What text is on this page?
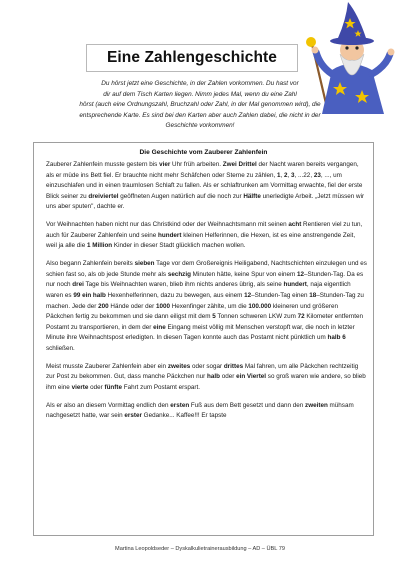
Eine Zahlengeschichte
Du hörst jetzt eine Geschichte, in der Zahlen vorkommen. Du hast vor
dir auf dem Tisch Karten liegen. Nimm jedes Mal, wenn du eine Zahl
hörst (auch eine Ordnungszahl, Bruchzahl oder Zahl, in der Mal genommen wird), die
entsprechende Karte. Es sind bei den Karten aber auch Zahlen dabei, die nicht in der
Geschichte vorkommen!
Die Geschichte vom Zauberer Zahlenfein

Zauberer Zahlenfein musste gestern bis vier Uhr früh arbeiten. Zwei Drittel der Nacht waren bereits vergangen, als er müde ins Bett fiel. Er brauchte nicht mehr Schäfchen oder Sterne zu zählen, 1, 2, 3, ...22, 23, ..., um einzuschlafen und in einen traumlosen Schlaft zu fallen. Als er schlaftrunken am Vormittag erwachte, fiel der erste Blick seiner zu dreiviertel geöffneten Augen natürlich auf die noch zur Hälfte unerledigte Arbeit. „Jetzt müssen wir uns aber sputen", dachte er.

Vor Weihnachten haben nicht nur das Christkind oder der Weihnachtsmann mit seinen acht Rentieren viel zu tun, auch für Zauberer Zahlenfein und seine hundert kleinen Helferinnen, die Hexen, ist es eine anstrengende Zeit, weil ja alle die 1 Million Kinder in dieser Stadt glücklich machen wollen.

Also begann Zahlenfein bereits sieben Tage vor dem Großereignis Heiligabend, Nachtschichten einzulegen und es schien fast so, als ob jede Stunde mehr als sechzig Minuten hätte, keine Spur von einem 12–Stunden-Tag. Da es nur noch drei Tage bis Weihnachten waren, blieb ihm nichts anderes übrig, als seine hundert, naja eigentlich waren es 99 ein halb Hexenhelferinnen, dazu zu bewegen, aus einem 12–Stunden-Tag einen 18–Stunden-Tag zu machen. Jede der 200 Hände oder der 1000 Hexenfinger zählte, um die 100.000 kleineren und größeren Päckchen fertig zu bekommen und sie dann eiligst mit dem 5 Tonnen schweren LKW zum 72 Kilometer entfernten Postamt zu transportieren, in dem der eine Eingang meist völlig mit Menschen verstopft war, die noch in letzter Minute ihre Weihnachtspost erledigten. In diesen Tagen konnte auch das Postamt nicht pünktlich um halb 6 schließen.

Meist musste Zauberer Zahlenfein aber ein zweites oder sogar drittes Mal fahren, um alle Päckchen rechtzeitig zur Post zu bekommen. Gut, dass manche Päckchen nur halb oder ein Viertel so groß waren wie andere, so blieb ihm eine vierte oder fünfte Fahrt zum Postamt erspart.

Als er also an diesem Vormittag endlich den ersten Fuß aus dem Bett gesetzt und dann den zweiten mühsam nachgesetzt hatte, war sein erster Gedanke... Kaffee!!! Er tapste

Martina Leopoldseder – Dyskalkulietrainerausbildung – AD – ÜBL 79
